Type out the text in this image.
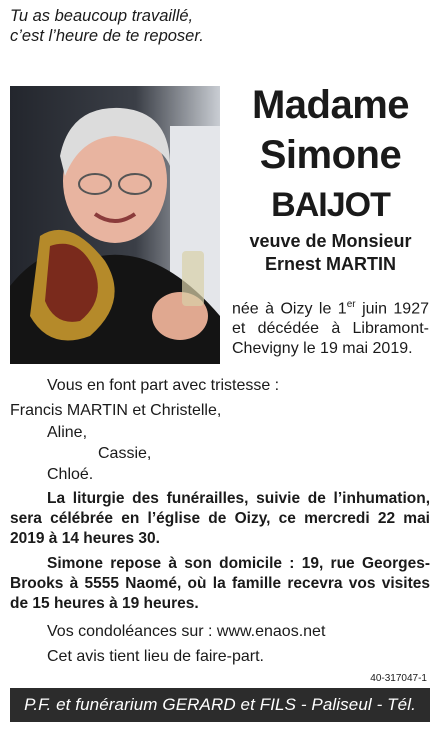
Tu as beaucoup travaillé,
c’est l’heure de te reposer.
Madame
Simone
BAIJOT
veuve de Monsieur
Ernest MARTIN
née à Oizy le 1er juin 1927 et décédée à Libramont-Chevigny le 19 mai 2019.
Vous en font part avec tristesse :
Francis MARTIN et Christelle,
Aline,
Cassie,
Chloé.
La liturgie des funérailles, suivie de l’inhumation, sera célébrée en l’église de Oizy, ce mercredi 22 mai 2019 à 14 heures 30.
Simone repose à son domicile : 19, rue Georges-Brooks à 5555 Naomé, où la famille recevra vos visites de 15 heures à 19 heures.
Vos condoléances sur : www.enaos.net
Cet avis tient lieu de faire-part.
40-317047-1
P.F. et funérarium GERARD et FILS - Paliseul - Tél. 061 53 32 84
